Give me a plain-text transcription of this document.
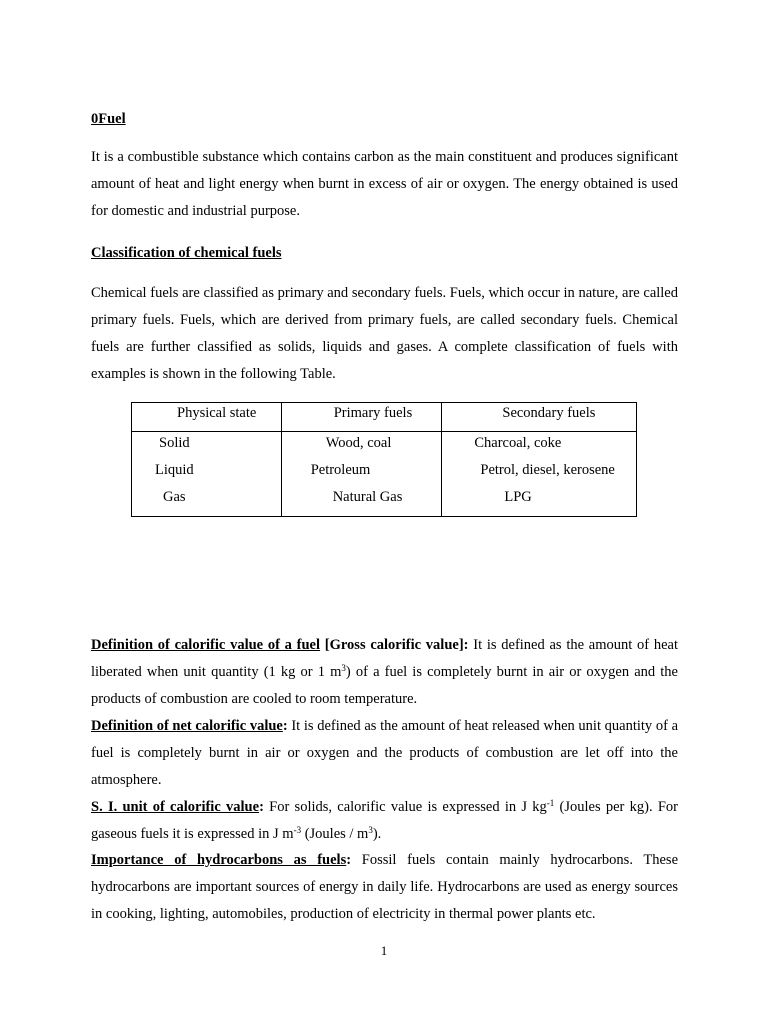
0Fuel

It is a combustible substance which contains carbon as the main constituent and produces significant amount of heat and light energy when burnt in excess of air or oxygen. The energy obtained is used for domestic and industrial purpose.

Classification of chemical fuels

Chemical fuels are classified as primary and secondary fuels. Fuels, which occur in nature, are called primary fuels. Fuels, which are derived from primary fuels, are called secondary fuels. Chemical fuels are further classified as solids, liquids and gases. A complete classification of fuels with examples is shown in the following Table.

Physical state	Primary fuels	Secondary fuels
Solid	Wood, coal	Charcoal, coke
Liquid	Petroleum	Petrol, diesel, kerosene
Gas	Natural Gas	LPG

Definition of calorific value of a fuel [Gross calorific value]: It is defined as the amount of heat liberated when unit quantity (1 kg or 1 $m^3$) of a fuel is completely burnt in air or oxygen and the products of combustion are cooled to room temperature.

Definition of net calorific value: It is defined as the amount of heat released when unit quantity of a fuel is completely burnt in air or oxygen and the products of combustion are let off into the atmosphere.

S. I. unit of calorific value: For solids, calorific value is expressed in J $kg^{-1}$ (Joules per kg). For gaseous fuels it is expressed in J $m^{-3}$ (Joules / $m^3$).

Importance of hydrocarbons as fuels: Fossil fuels contain mainly hydrocarbons. These hydrocarbons are important sources of energy in daily life. Hydrocarbons are used as energy sources in cooking, lighting, automobiles, production of electricity in thermal power plants etc.

1
